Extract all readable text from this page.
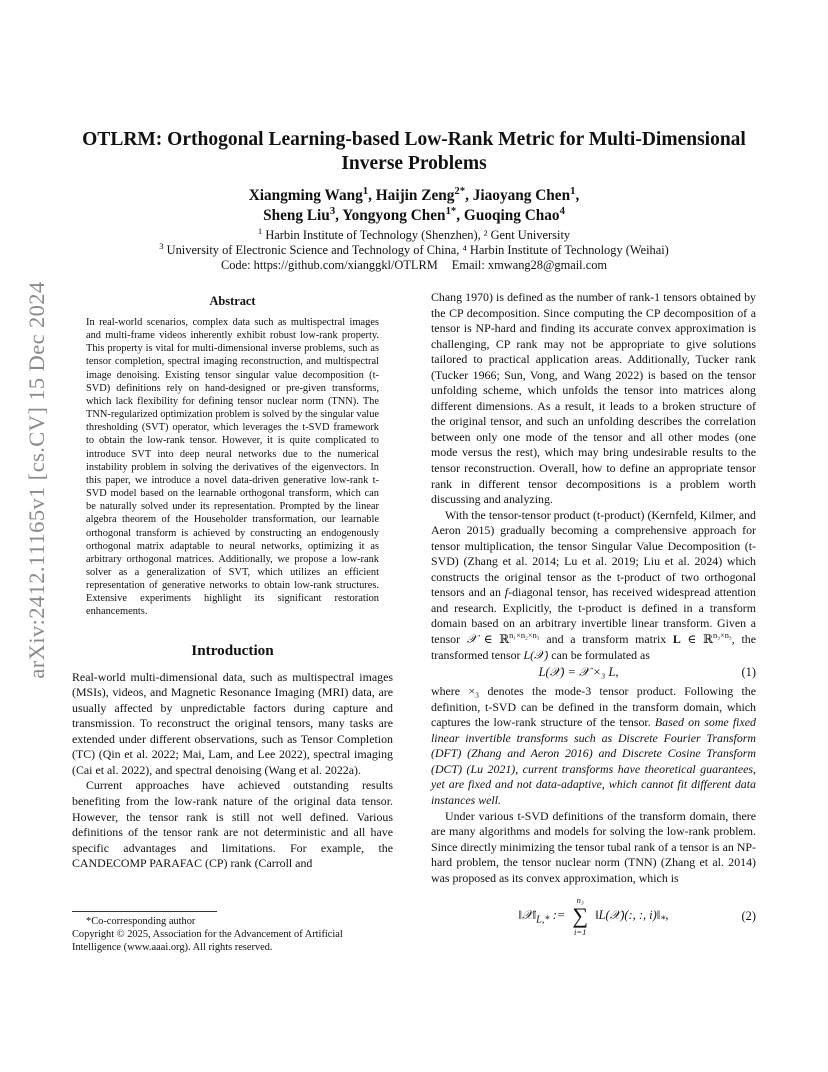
arXiv:2412.11165v1 [cs.CV] 15 Dec 2024
OTLRM: Orthogonal Learning-based Low-Rank Metric for Multi-Dimensional
Inverse Problems
Xiangming Wang$^1$, Haijin Zeng$^{2*}$, Jiaoyang Chen$^1$,
Sheng Liu$^3$, Yongyong Chen$^{1*}$, Guoqing Chao$^4$
$^1$ Harbin Institute of Technology (Shenzhen), ² Gent University
$^3$ University of Electronic Science and Technology of China, ⁴ Harbin Institute of Technology (Weihai)
Code: https://github.com/xianggkl/OTLRM Email: xmwang28@gmail.com
Abstract

In real-world scenarios, complex data such as multispectral images and multi-frame videos inherently exhibit robust low-rank property. This property is vital for multi-dimensional inverse problems, such as tensor completion, spectral imaging reconstruction, and multispectral image denoising. Existing tensor singular value decomposition (t-SVD) definitions rely on hand-designed or pre-given transforms, which lack flexibility for defining tensor nuclear norm (TNN). The TNN-regularized optimization problem is solved by the singular value thresholding (SVT) operator, which leverages the t-SVD framework to obtain the low-rank tensor. However, it is quite complicated to introduce SVT into deep neural networks due to the numerical instability problem in solving the derivatives of the eigenvectors. In this paper, we introduce a novel data-driven generative low-rank t-SVD model based on the learnable orthogonal transform, which can be naturally solved under its representation. Prompted by the linear algebra theorem of the Householder transformation, our learnable orthogonal transform is achieved by constructing an endogenously orthogonal matrix adaptable to neural networks, optimizing it as arbitrary orthogonal matrices. Additionally, we propose a low-rank solver as a generalization of SVT, which utilizes an efficient representation of generative networks to obtain low-rank structures. Extensive experiments highlight its significant restoration enhancements.

Introduction

Real-world multi-dimensional data, such as multispectral images (MSIs), videos, and Magnetic Resonance Imaging (MRI) data, are usually affected by unpredictable factors during capture and transmission. To reconstruct the original tensors, many tasks are extended under different observations, such as Tensor Completion (TC) (Qin et al. 2022; Mai, Lam, and Lee 2022), spectral imaging (Cai et al. 2022), and spectral denoising (Wang et al. 2022a).

Current approaches have achieved outstanding results benefiting from the low-rank nature of the original data tensor. However, the tensor rank is still not well defined. Various definitions of the tensor rank are not deterministic and all have specific advantages and limitations. For example, the CANDECOMP PARAFAC (CP) rank (Carroll and

*Co-corresponding author

Copyright © 2025, Association for the Advancement of Artificial Intelligence (www.aaai.org). All rights reserved.

Chang 1970) is defined as the number of rank-1 tensors obtained by the CP decomposition. Since computing the CP decomposition of a tensor is NP-hard and finding its accurate convex approximation is challenging, CP rank may not be appropriate to give solutions tailored to practical application areas. Additionally, Tucker rank (Tucker 1966; Sun, Vong, and Wang 2022) is based on the tensor unfolding scheme, which unfolds the tensor into matrices along different dimensions. As a result, it leads to a broken structure of the original tensor, and such an unfolding describes the correlation between only one mode of the tensor and all other modes (one mode versus the rest), which may bring undesirable results to the tensor reconstruction. Overall, how to define an appropriate tensor rank in different tensor decompositions is a problem worth discussing and analyzing.

With the tensor-tensor product (t-product) (Kernfeld, Kilmer, and Aeron 2015) gradually becoming a comprehensive approach for tensor multiplication, the tensor Singular Value Decomposition (t-SVD) (Zhang et al. 2014; Lu et al. 2019; Liu et al. 2024) which constructs the original tensor as the t-product of two orthogonal tensors and an f-diagonal tensor, has received widespread attention and research. Explicitly, the t-product is defined in a transform domain based on an arbitrary invertible linear transform. Given a tensor 𝒳 ∈ ℝ$^{n_1\times n_2\times n_3}$ and a transform matrix L ∈ ℝ$^{n_3\times n_3}$, the transformed tensor L(𝒳) can be formulated as

L(𝒳) = 𝒳 ×₃ L,	(1)

where ×₃ denotes the mode-3 tensor product. Following the definition, t-SVD can be defined in the transform domain, which captures the low-rank structure of the tensor. Based on some fixed linear invertible transforms such as Discrete Fourier Transform (DFT) (Zhang and Aeron 2016) and Discrete Cosine Transform (DCT) (Lu 2021), current transforms have theoretical guarantees, yet are fixed and not data-adaptive, which cannot fit different data instances well.

Under various t-SVD definitions of the transform domain, there are many algorithms and models for solving the low-rank problem. Since directly minimizing the tensor tubal rank of a tensor is an NP-hard problem, the tensor nuclear norm (TNN) (Zhang et al. 2014) was proposed as its convex approximation, which is

$‖𝒳‖_{L,*}$ :=
n₃
∑
i=1
‖L(𝒳)(:, :, $i)‖_*$,	(2)
